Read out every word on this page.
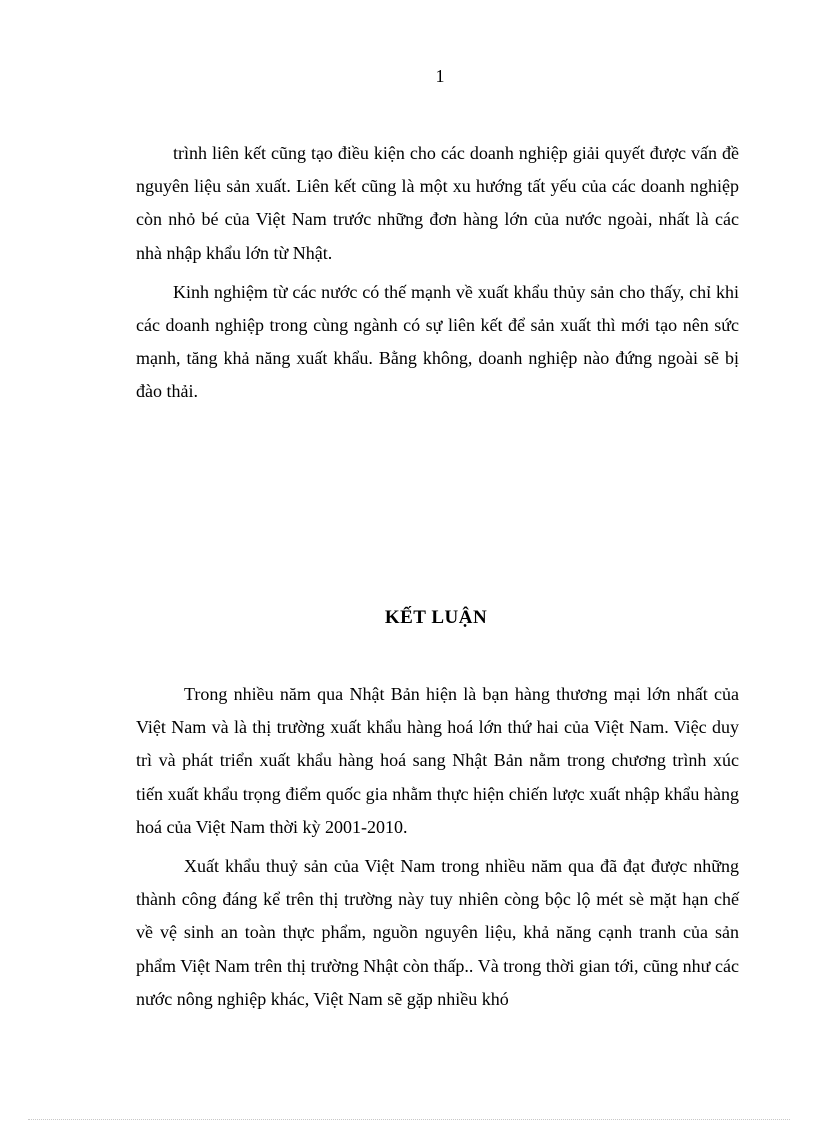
1

trình liên kết cũng tạo điều kiện cho các doanh nghiệp giải quyết được vấn đề nguyên liệu sản xuất. Liên kết cũng là một xu hướng tất yếu của các doanh nghiệp còn nhỏ bé của Việt Nam trước những đơn hàng lớn của nước ngoài, nhất là các nhà nhập khẩu lớn từ Nhật.

Kinh nghiệm từ các nước có thế mạnh về xuất khẩu thủy sản cho thấy, chỉ khi các doanh nghiệp trong cùng ngành có sự liên kết để sản xuất thì mới tạo nên sức mạnh, tăng khả năng xuất khẩu. Bằng không, doanh nghiệp nào đứng ngoài sẽ bị đào thải.

KẾT LUẬN

Trong nhiều năm qua Nhật Bản hiện là bạn hàng thương mại lớn nhất của Việt Nam và là thị trường xuất khẩu hàng hoá lớn thứ hai của Việt Nam. Việc duy trì và phát triển xuất khẩu hàng hoá sang Nhật Bản nằm trong chương trình xúc tiến xuất khẩu trọng điểm quốc gia nhằm thực hiện chiến lược xuất nhập khẩu hàng hoá của Việt Nam thời kỳ 2001-2010.

Xuất khẩu thuỷ sản của Việt Nam trong nhiều năm qua đã đạt được những thành công đáng kể trên thị trường này tuy nhiên còng bộc lộ mét sè mặt hạn chế về vệ sinh an toàn thực phẩm, nguồn nguyên liệu, khả năng cạnh tranh của sản phẩm Việt Nam trên thị trường Nhật còn thấp.. Và trong thời gian tới, cũng như các nước nông nghiệp khác, Việt Nam sẽ gặp nhiều khó
